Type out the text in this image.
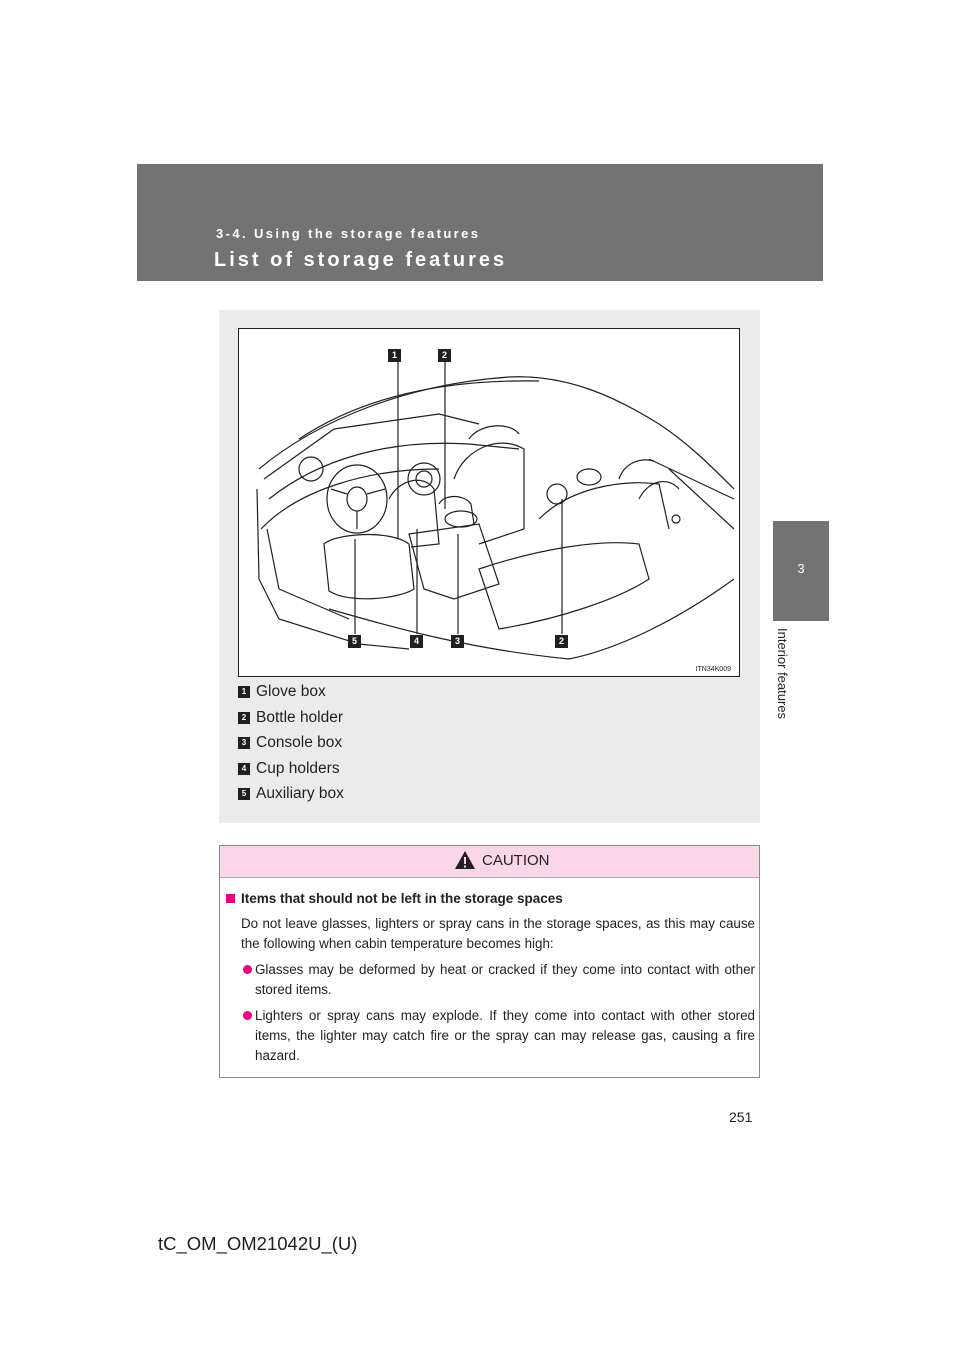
3-4. Using the storage features
List of storage features
3
Interior features
1	2
5	4	3	2
ITN34K009
1 Glove box
2 Bottle holder
3 Console box
4 Cup holders
5 Auxiliary box
CAUTION
Items that should not be left in the storage spaces
Do not leave glasses, lighters or spray cans in the storage spaces, as this may cause the following when cabin temperature becomes high:
Glasses may be deformed by heat or cracked if they come into contact with other stored items.
Lighters or spray cans may explode. If they come into contact with other stored items, the lighter may catch fire or the spray can may release gas, causing a fire hazard.
251
tC_OM_OM21042U_(U)
